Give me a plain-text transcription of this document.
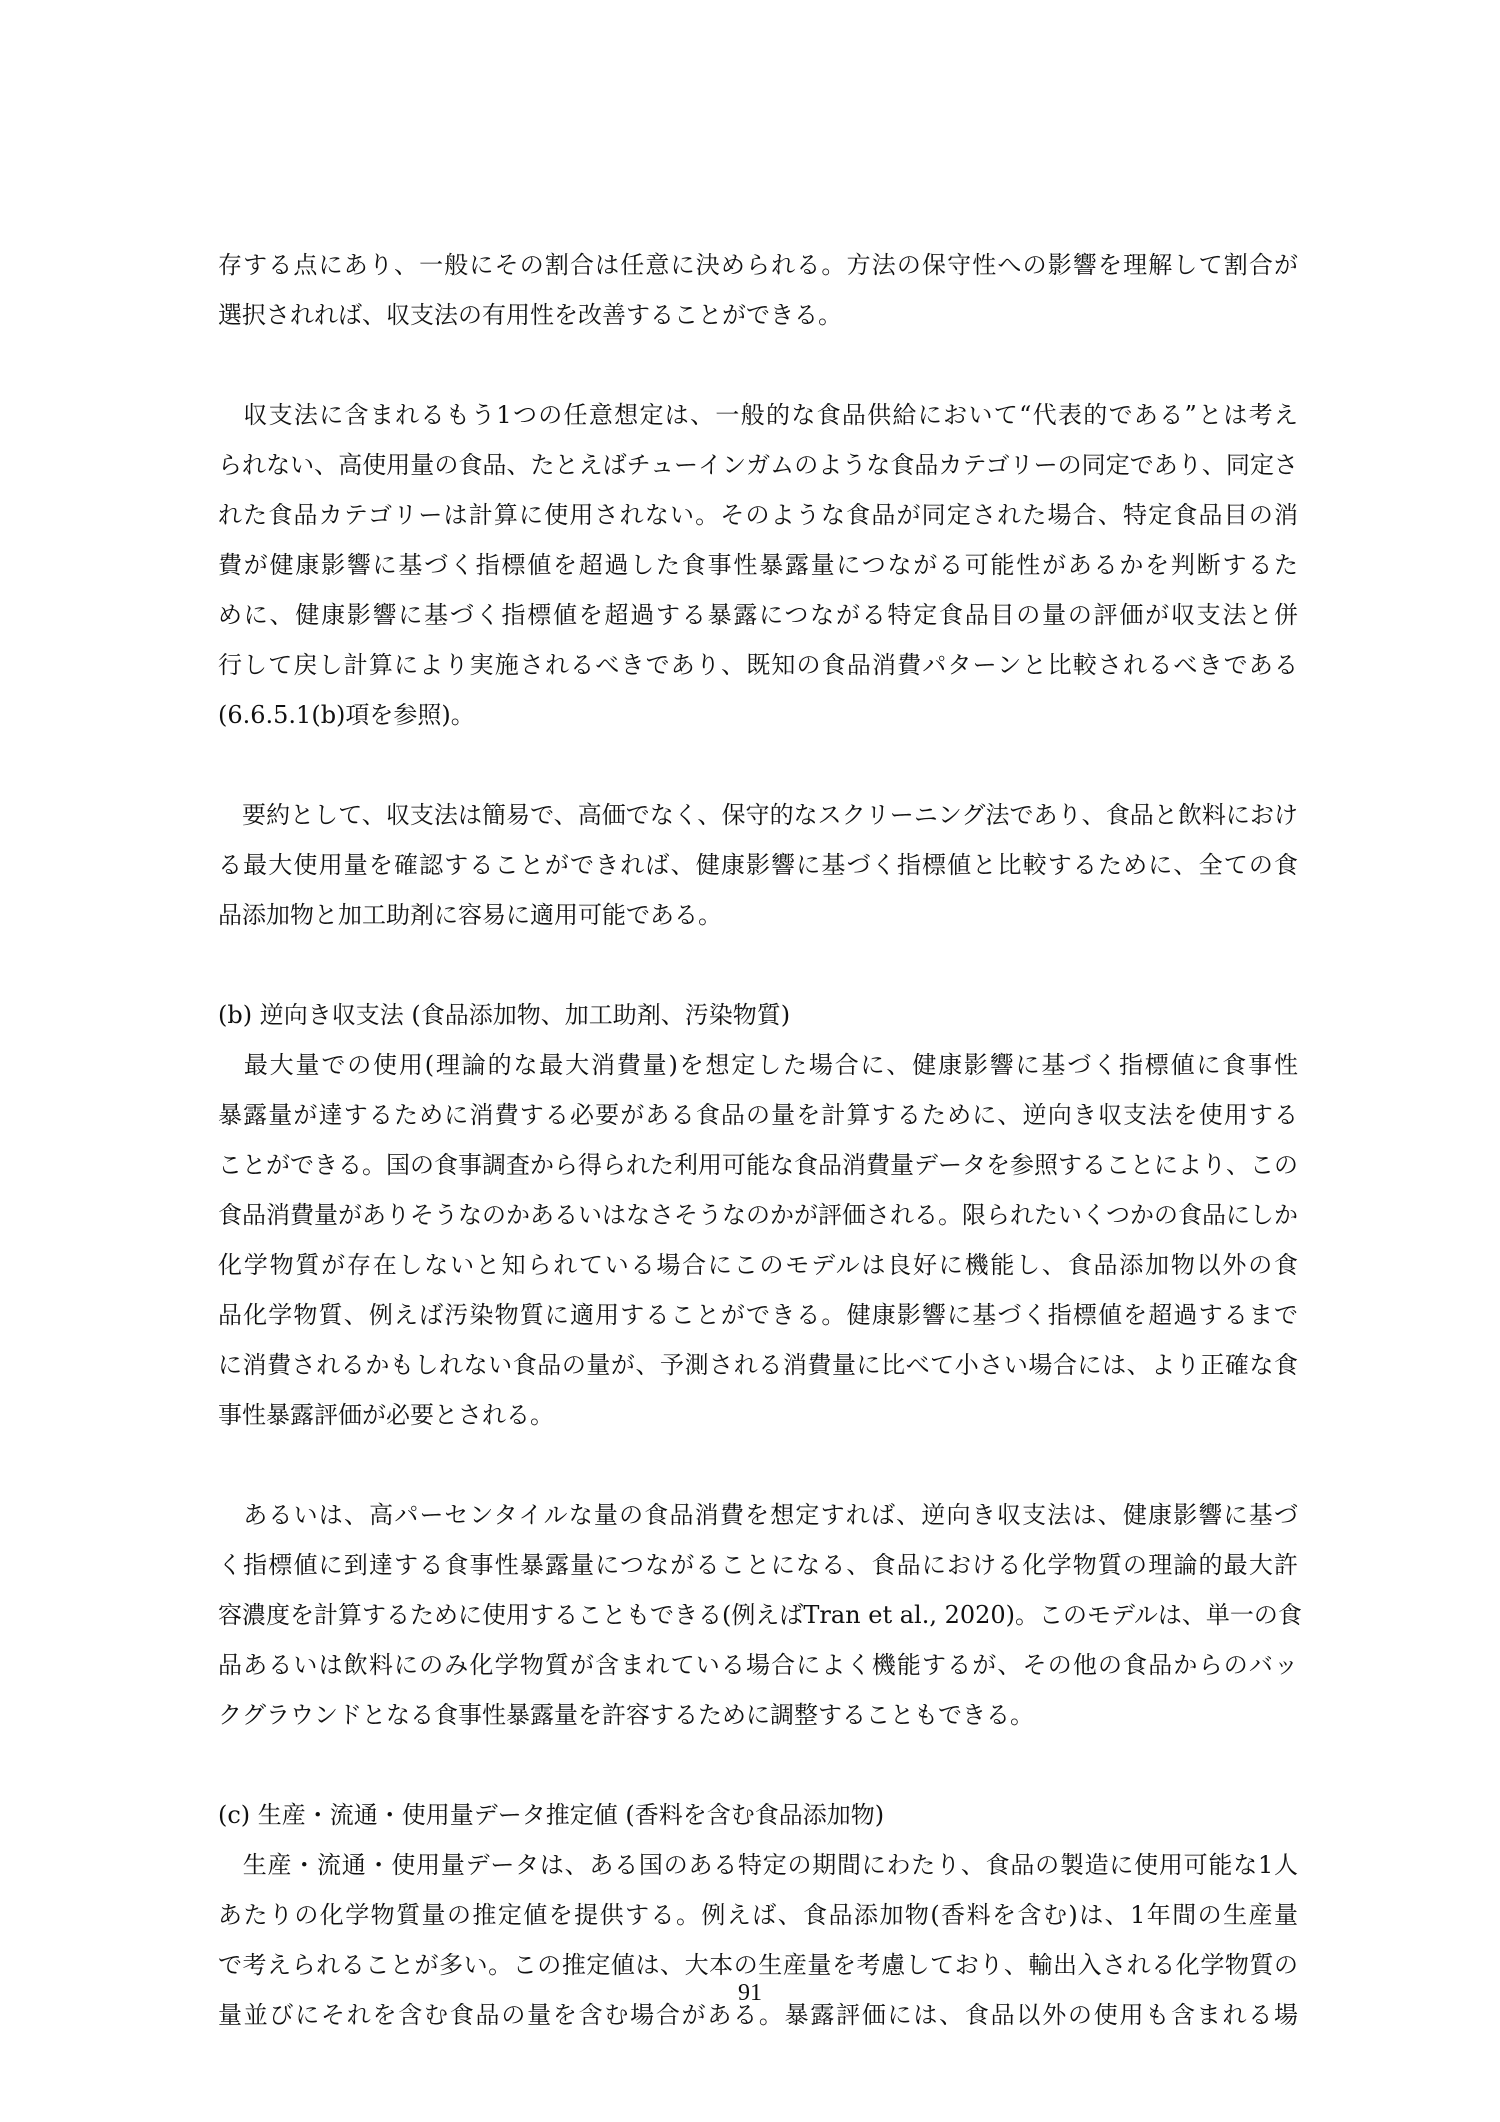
存する点にあり、一般にその割合は任意に決められる。方法の保守性への影響を理解して割合が
選択されれば、収支法の有用性を改善することができる。
　収支法に含まれるもう1つの任意想定は、一般的な食品供給において“代表的である”とは考え
られない、高使用量の食品、たとえばチューインガムのような食品カテゴリーの同定であり、同定さ
れた食品カテゴリーは計算に使用されない。そのような食品が同定された場合、特定食品目の消
費が健康影響に基づく指標値を超過した食事性暴露量につながる可能性があるかを判断するた
めに、健康影響に基づく指標値を超過する暴露につながる特定食品目の量の評価が収支法と併
行して戻し計算により実施されるべきであり、既知の食品消費パターンと比較されるべきである
(6.6.5.1(b)項を参照)。
　要約として、収支法は簡易で、高価でなく、保守的なスクリーニング法であり、食品と飲料におけ
る最大使用量を確認することができれば、健康影響に基づく指標値と比較するために、全ての食
品添加物と加工助剤に容易に適用可能である。
(b) 逆向き収支法 (食品添加物、加工助剤、汚染物質)
　最大量での使用(理論的な最大消費量)を想定した場合に、健康影響に基づく指標値に食事性
暴露量が達するために消費する必要がある食品の量を計算するために、逆向き収支法を使用する
ことができる。国の食事調査から得られた利用可能な食品消費量データを参照することにより、この
食品消費量がありそうなのかあるいはなさそうなのかが評価される。限られたいくつかの食品にしか
化学物質が存在しないと知られている場合にこのモデルは良好に機能し、食品添加物以外の食
品化学物質、例えば汚染物質に適用することができる。健康影響に基づく指標値を超過するまで
に消費されるかもしれない食品の量が、予測される消費量に比べて小さい場合には、より正確な食
事性暴露評価が必要とされる。
　あるいは、高パーセンタイルな量の食品消費を想定すれば、逆向き収支法は、健康影響に基づ
く指標値に到達する食事性暴露量につながることになる、食品における化学物質の理論的最大許
容濃度を計算するために使用することもできる(例えばTran et al., 2020)。このモデルは、単一の食
品あるいは飲料にのみ化学物質が含まれている場合によく機能するが、その他の食品からのバッ
クグラウンドとなる食事性暴露量を許容するために調整することもできる。
(c) 生産・流通・使用量データ推定値 (香料を含む食品添加物)
　生産・流通・使用量データは、ある国のある特定の期間にわたり、食品の製造に使用可能な1人
あたりの化学物質量の推定値を提供する。例えば、食品添加物(香料を含む)は、1年間の生産量
で考えられることが多い。この推定値は、大本の生産量を考慮しており、輸出入される化学物質の
量並びにそれを含む食品の量を含む場合がある。暴露評価には、食品以外の使用も含まれる場
91
